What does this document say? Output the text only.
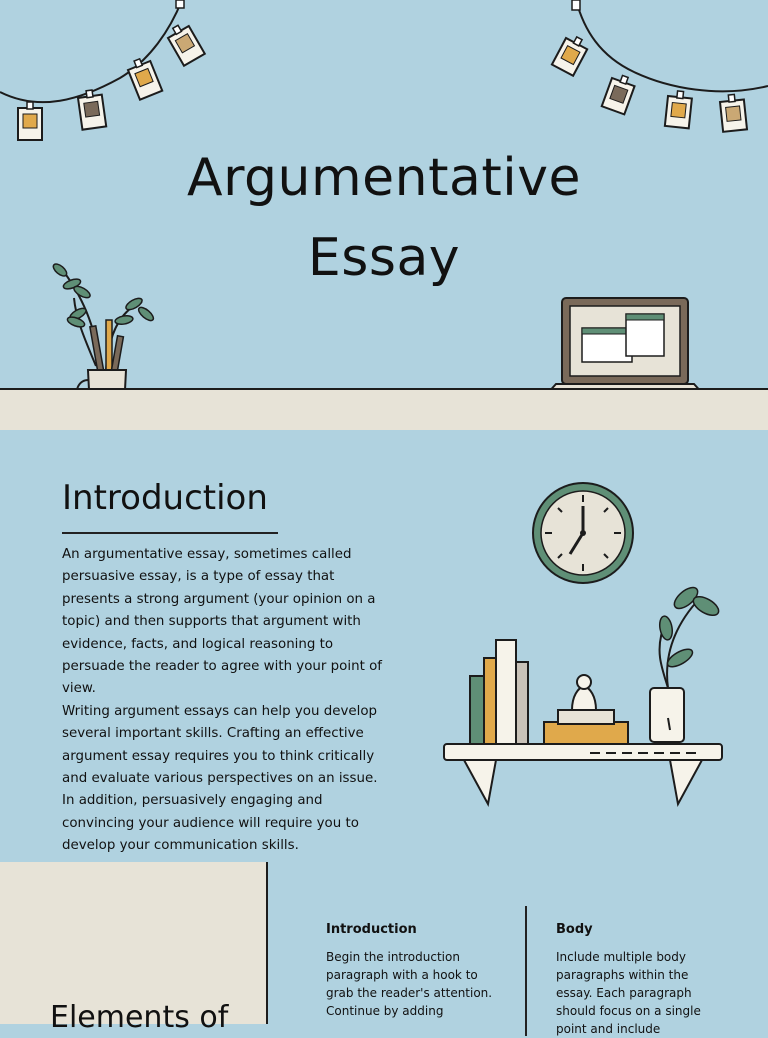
Argumentative
Essay
Introduction

An argumentative essay, sometimes called persuasive essay, is a type of essay that presents a strong argument (your opinion on a topic) and then supports that argument with evidence, facts, and logical reasoning to persuade the reader to agree with your point of view.

Writing argument essays can help you develop several important skills. Crafting an effective argument essay requires you to think critically and evaluate various perspectives on an issue. In addition, persuasively engaging and convincing your audience will require you to develop your communication skills.

Elements of
Introduction
Begin the introduction paragraph with a hook to grab the reader's attention. Continue by adding
Body
Include multiple body paragraphs within the essay. Each paragraph should focus on a single point and include
